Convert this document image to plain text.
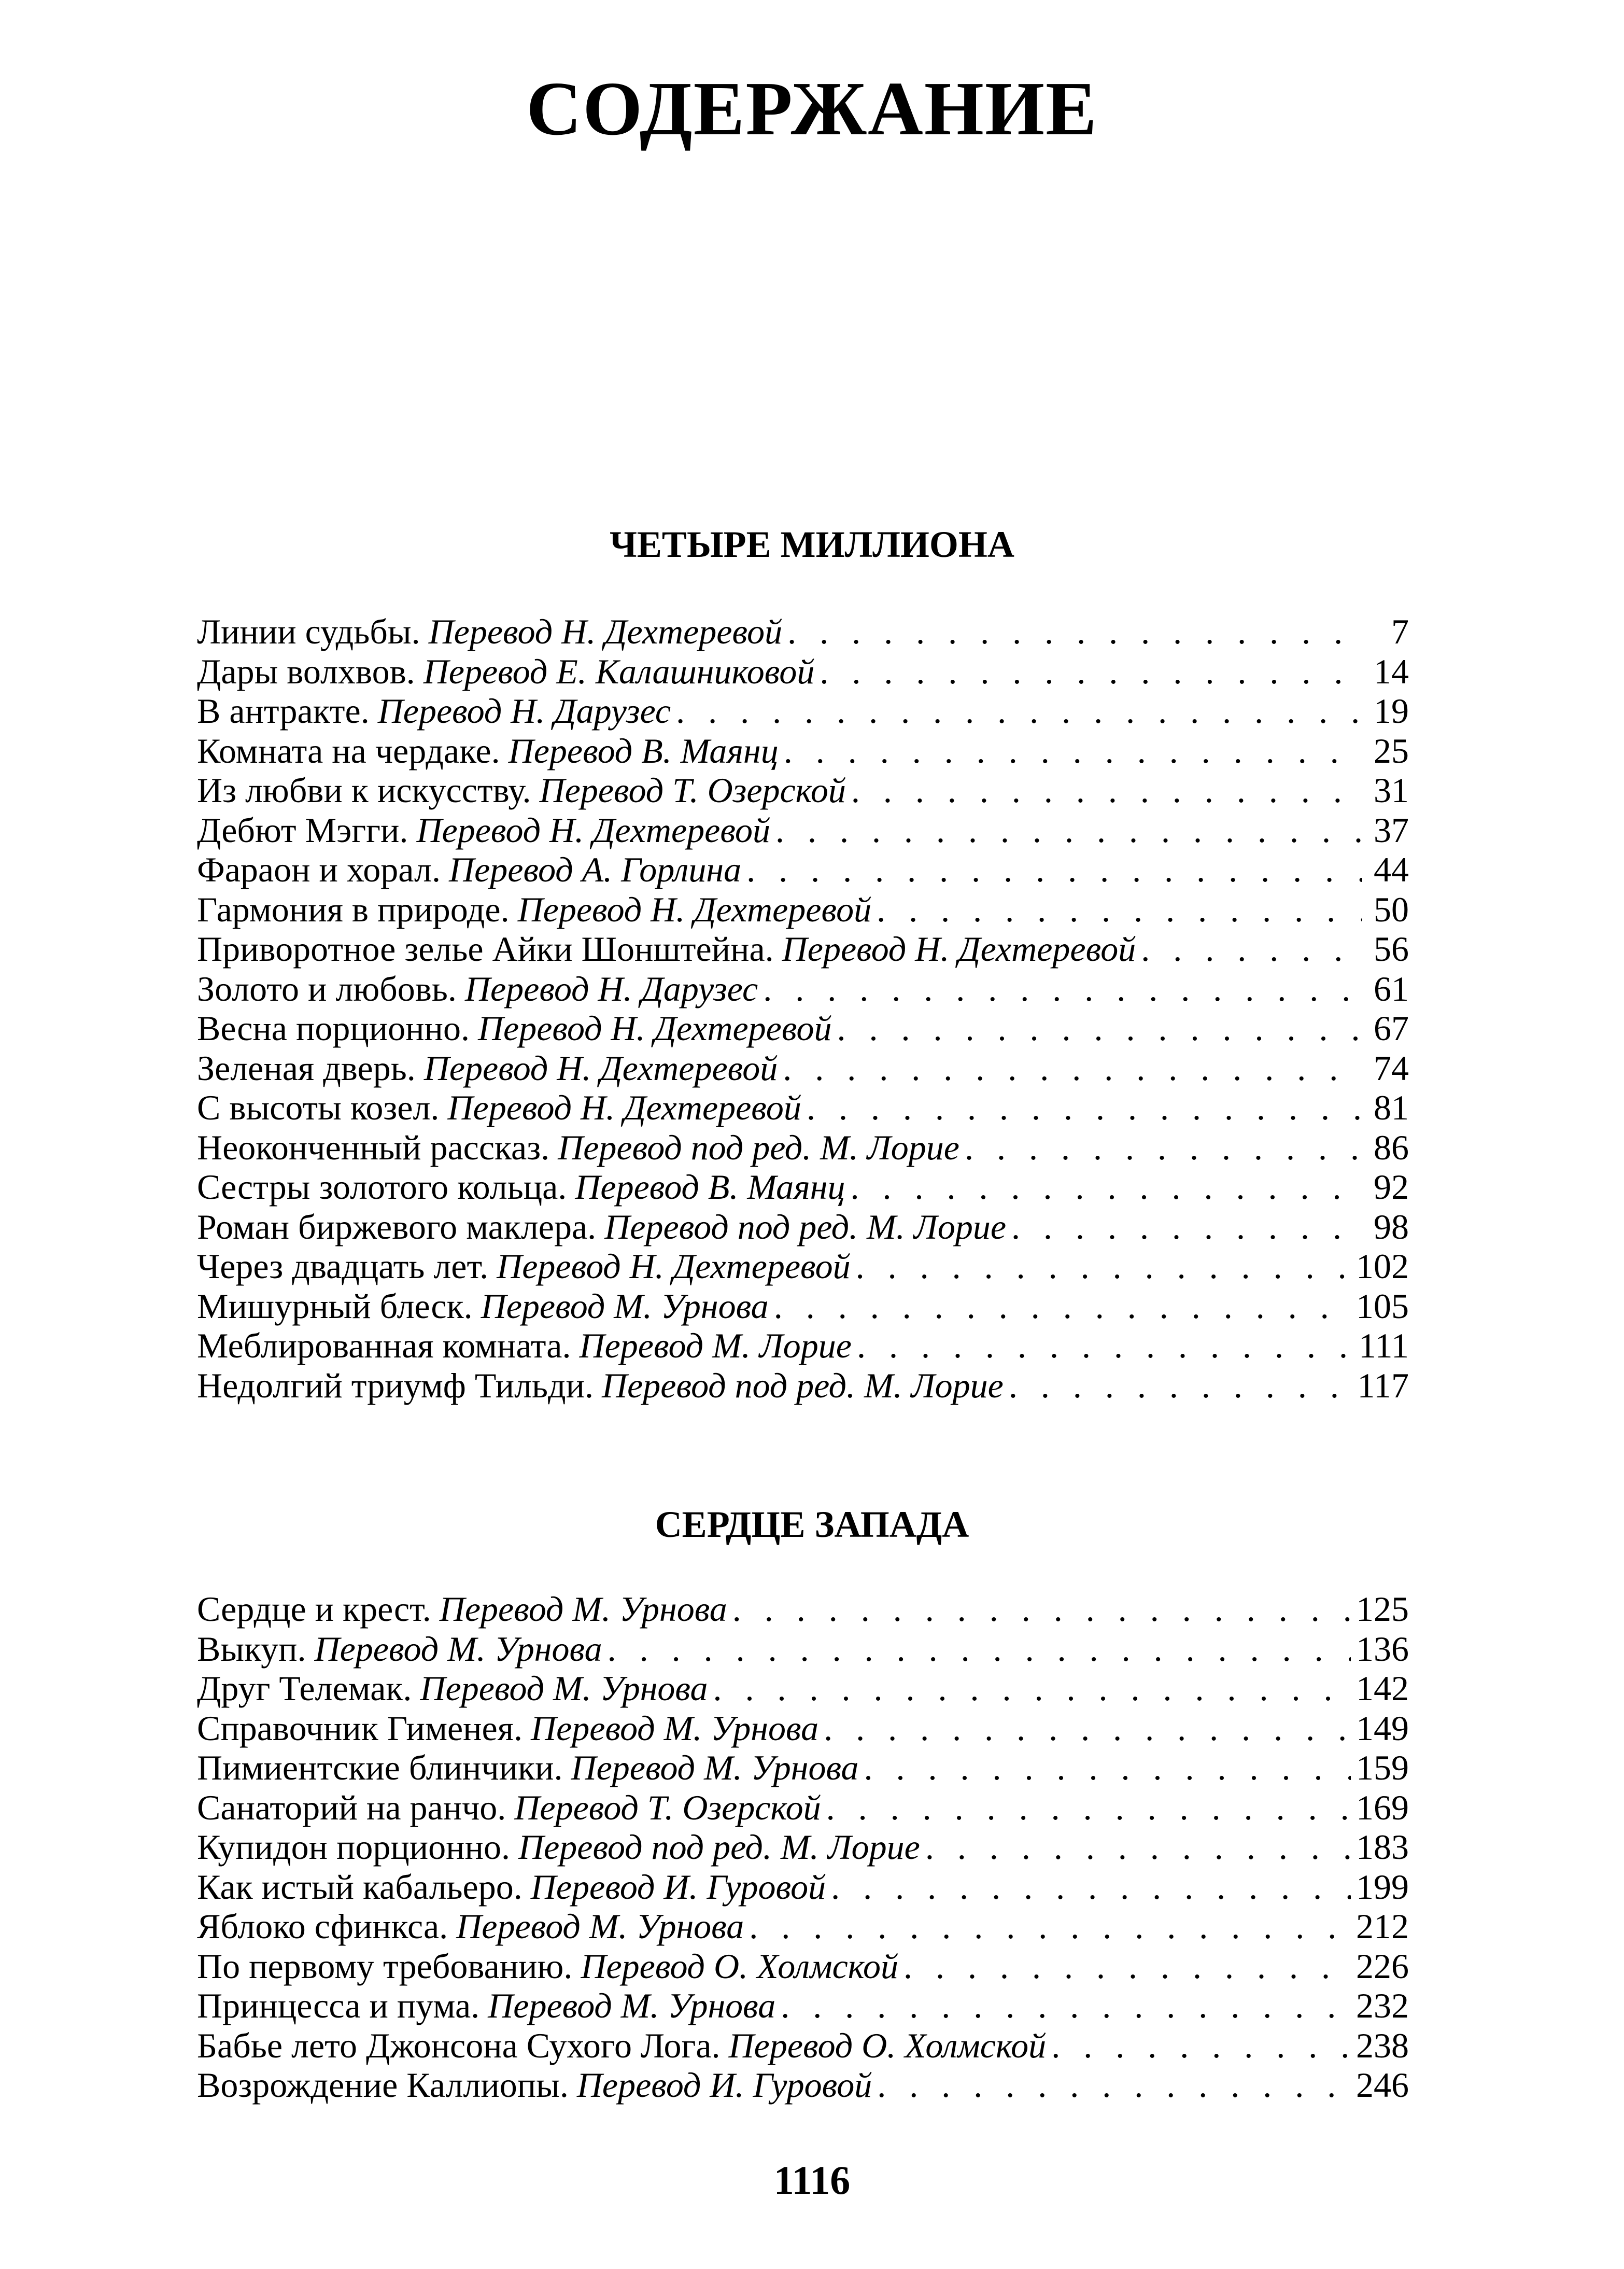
СОДЕРЖАНИЕ
ЧЕТЫРЕ МИЛЛИОНА
Линии судьбы. Перевод Н. Дехтеревой . . .	7
Дары волхвов. Перевод Е. Калашниковой . . .	14
В антракте. Перевод Н. Дарузес . . .	19
Комната на чердаке. Перевод В. Маянц . . .	25
Из любви к искусству. Перевод Т. Озерской . . .	31
Дебют Мэгги. Перевод Н. Дехтеревой . . .	37
Фараон и хорал. Перевод А. Горлина . . .	44
Гармония в природе. Перевод Н. Дехтеревой . . .	50
Приворотное зелье Айки Шонштейна. Перевод Н. Дехтеревой . . .	56
Золото и любовь. Перевод Н. Дарузес . . .	61
Весна порционно. Перевод Н. Дехтеревой . . .	67
Зеленая дверь. Перевод Н. Дехтеревой . . .	74
С высоты козел. Перевод Н. Дехтеревой . . .	81
Неоконченный рассказ. Перевод под ред. М. Лорие . . .	86
Сестры золотого кольца. Перевод В. Маянц . . .	92
Роман биржевого маклера. Перевод под ред. М. Лорие . . .	98
Через двадцать лет. Перевод Н. Дехтеревой . . .	102
Мишурный блеск. Перевод М. Урнова . . .	105
Меблированная комната. Перевод М. Лорие . . .	111
Недолгий триумф Тильди. Перевод под ред. М. Лорие . . .	117
СЕРДЦЕ ЗАПАДА
Сердце и крест. Перевод М. Урнова . . .	125
Выкуп. Перевод М. Урнова . . .	136
Друг Телемак. Перевод М. Урнова . . .	142
Справочник Гименея. Перевод М. Урнова . . .	149
Пимиентские блинчики. Перевод М. Урнова . . .	159
Санаторий на ранчо. Перевод Т. Озерской . . .	169
Купидон порционно. Перевод под ред. М. Лорие . . .	183
Как истый кабальеро. Перевод И. Гуровой . . .	199
Яблоко сфинкса. Перевод М. Урнова . . .	212
По первому требованию. Перевод О. Холмской . . .	226
Принцесса и пума. Перевод М. Урнова . . .	232
Бабье лето Джонсона Сухого Лога. Перевод О. Холмской . . .	238
Возрождение Каллиопы. Перевод И. Гуровой . . .	246
1116
